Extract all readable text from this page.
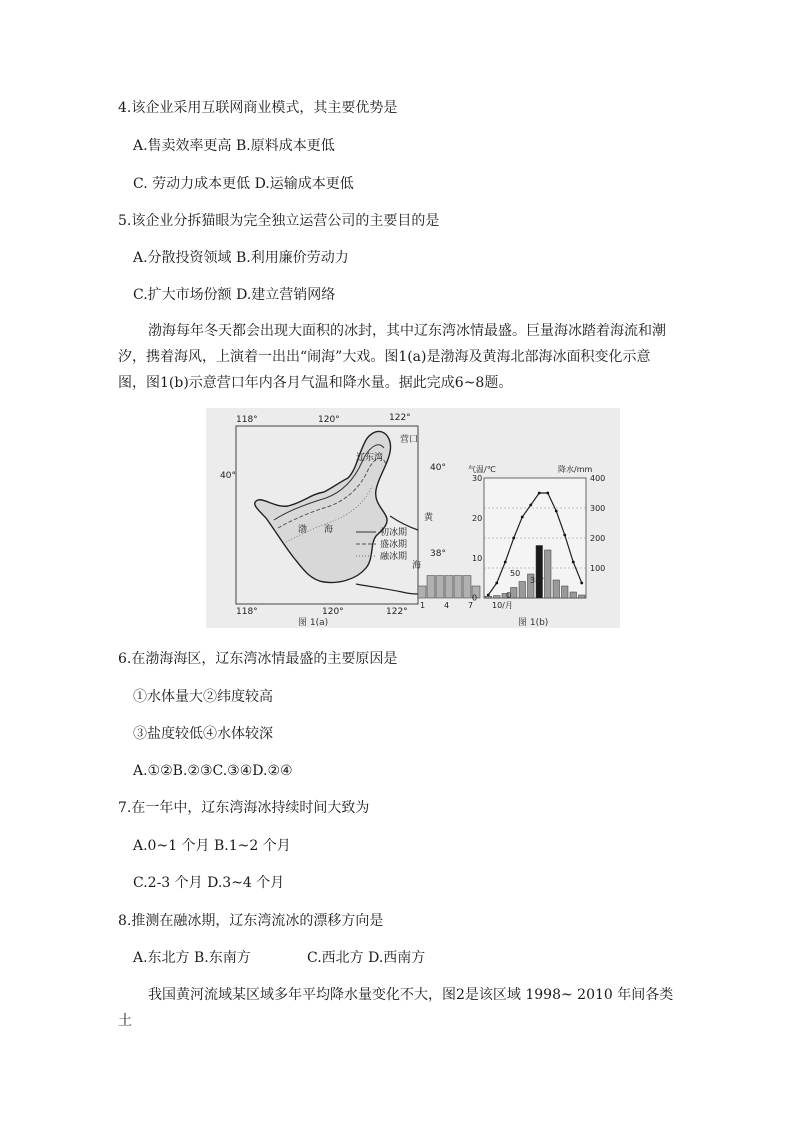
4.该企业采用互联网商业模式，其主要优势是
A.售卖效率更高 B.原料成本更低
C. 劳动力成本更低 D.运输成本更低
5.该企业分拆猫眼为完全独立运营公司的主要目的是
A.分散投资领域 B.利用廉价劳动力
C.扩大市场份额 D.建立营销网络

渤海每年冬天都会出现大面积的冰封，其中辽东湾冰情最盛。巨量海冰踏着海流和潮汐，携着海风，上演着一出出“闹海”大戏。图1(a)是渤海及黄海北部海冰面积变化示意图，图1(b)示意营口年内各月气温和降水量。据此完成6~8题。

118°	120°	122°
118°	120°	122°
40°
40°
38°
营口
辽东湾
渤 海
黄
海
初冰期
盛冰期
融冰期
气温/℃	降水/mm
30
20
10
0
400
300
200
100
50
0
1 4 7 10/月
38°
图 1(a)	图 1(b)
6.在渤海海区，辽东湾冰情最盛的主要原因是
①水体量大②纬度较高
③盐度较低④水体较深
A.①②B.②③C.③④D.②④
7.在一年中，辽东湾海冰持续时间大致为
A.0~1 个月 B.1~2 个月
C.2-3 个月 D.3~4 个月
8.推测在融冰期，辽东湾流冰的漂移方向是
A.东北方 B.东南方	C.西北方 D.西南方

我国黄河流域某区域多年平均降水量变化不大，图2是该区域 1998~ 2010 年间各类土
